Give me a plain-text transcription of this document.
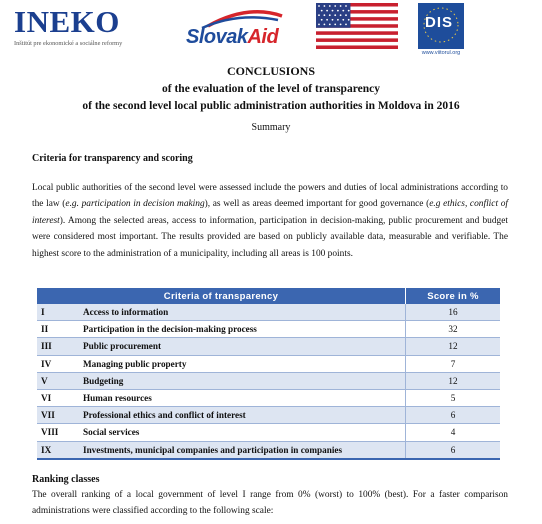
INEKO
Inštitút pre ekonomické a sociálne reformy	SlovakAid
DIS
www.viitorul.org
CONCLUSIONS
of the evaluation of the level of transparency
of the second level local public administration authorities in Moldova in 2016
Summary
Criteria for transparency and scoring
Local public authorities of the second level were assessed include the powers and duties of local administrations according to the law (e.g. participation in decision making), as well as areas deemed important for good governance (e.g ethics, conflict of interest). Among the selected areas, access to information, participation in decision-making, public procurement and budget were considered most important. The results provided are based on publicly available data, measurable and verifiable. The highest score to the administration of a municipality, including all areas is 100 points.
Criteria of transparency		Score in %
I	Access to information	16
II	Participation in the decision-making process	32
III	Public procurement	12
IV	Managing public property	7
V	Budgeting	12
VI	Human resources	5
VII	Professional ethics and conflict of interest	6
VIII	Social services	4
IX	Investments, municipal companies and participation in companies	6
Ranking classes
The overall ranking of a local government of level I range from 0% (worst) to 100% (best). For a faster comparison administrations were classified according to the following scale:
